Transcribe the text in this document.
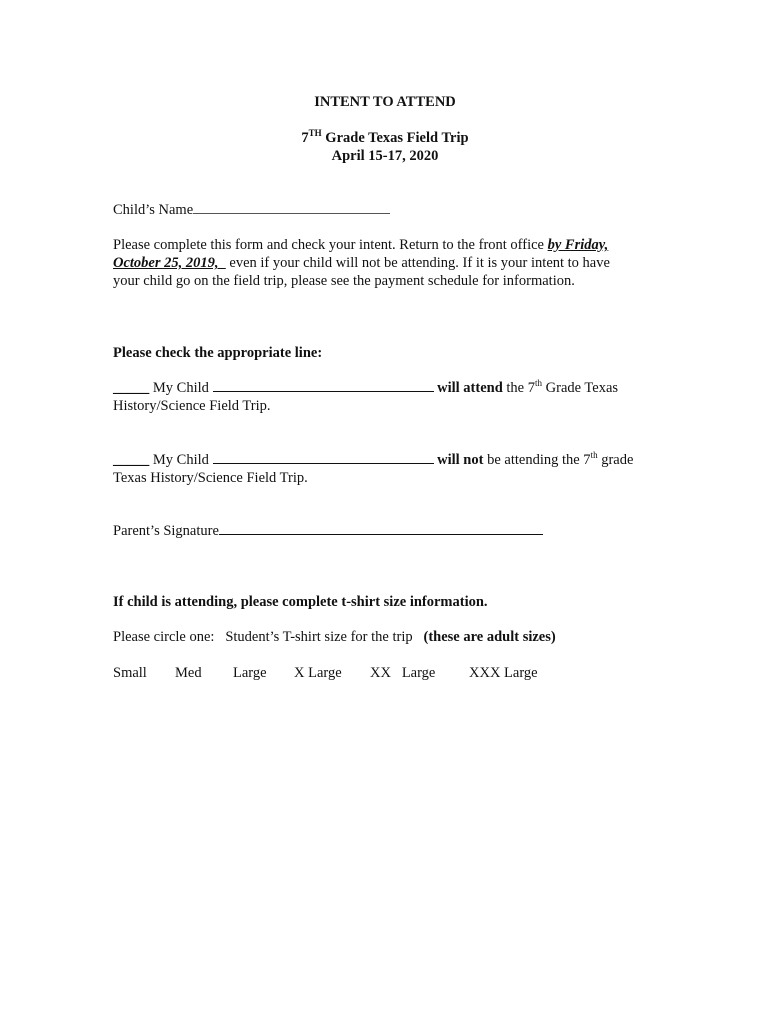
INTENT TO ATTEND
7TH Grade Texas Field Trip
April 15-17, 2020
Child’s Name
Please complete this form and check your intent. Return to the front office by Friday,
October 25, 2019,   even if your child will not be attending. If it is your intent to have
your child go on the field trip, please see the payment schedule for information.
Please check the appropriate line:
_____ My Child	will attend the 7th Grade Texas
History/Science Field Trip.
_____ My Child	will not be attending the 7th grade
Texas History/Science Field Trip.
Parent’s Signature
If child is attending, please complete t-shirt size information.
Please circle one:   Student’s T-shirt size for the trip   (these are adult sizes)
Small Med Large X Large XX   Large XXX Large
